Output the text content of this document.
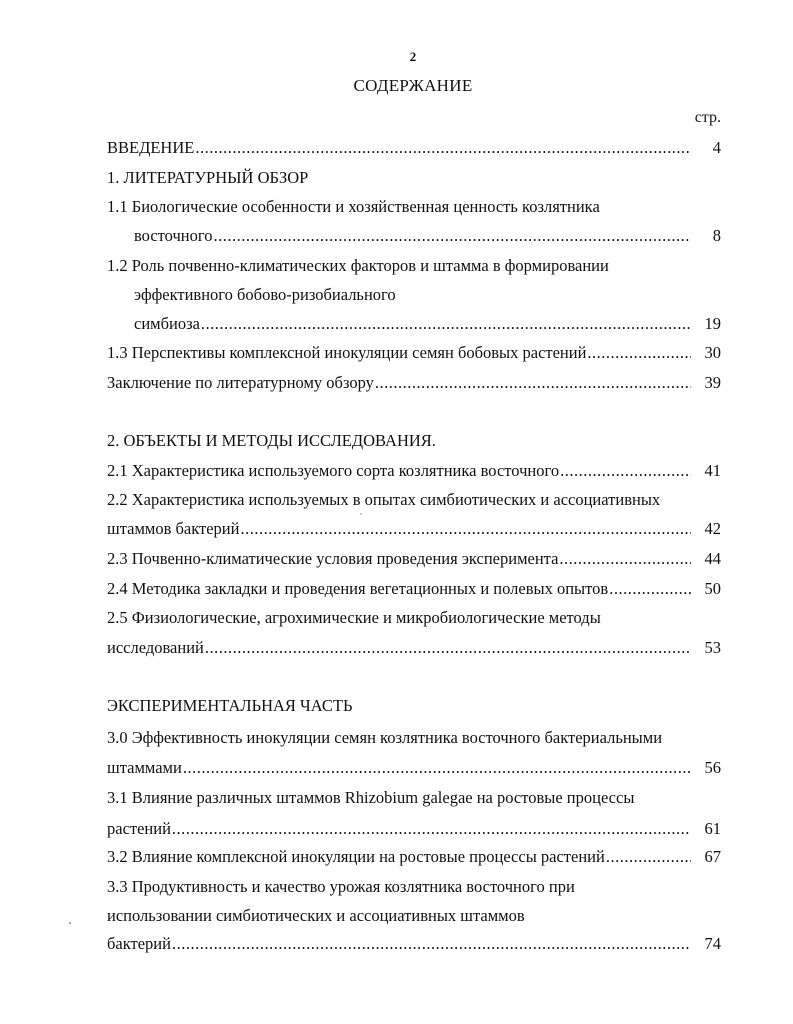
2
СОДЕРЖАНИЕ
стр.
ВВЕДЕНИЕ .....	4
1. ЛИТЕРАТУРНЫЙ ОБЗОР
1.1 Биологические особенности и хозяйственная ценность козлятника
восточного .....	8
1.2 Роль почвенно-климатических факторов и штамма в формировании
эффективного бобово-ризобиального
симбиоза .....	19
1.3 Перспективы комплексной инокуляции семян бобовых растений .....	30
Заключение по литературному обзору .....	39
2. ОБЪЕКТЫ И МЕТОДЫ ИССЛЕДОВАНИЯ.
2.1 Характеристика используемого сорта козлятника восточного .....	41
2.2 Характеристика используемых в опытах симбиотических и ассоциативных
штаммов бактерий .....	42
2.3 Почвенно-климатические условия проведения эксперимента .....	44
2.4 Методика закладки и проведения вегетационных и полевых опытов .....	50
2.5 Физиологические, агрохимические и микробиологические методы
исследований .....	53
ЭКСПЕРИМЕНТАЛЬНАЯ ЧАСТЬ
3.0 Эффективность инокуляции семян козлятника восточного бактериальными
штаммами .....	56
3.1 Влияние различных штаммов Rhizobium galegae на ростовые процессы
растений .....	61
3.2 Влияние комплексной инокуляции на ростовые процессы растений .....	67
3.3 Продуктивность и качество урожая козлятника восточного при
использовании симбиотических и ассоциативных штаммов
бактерий .....	74
